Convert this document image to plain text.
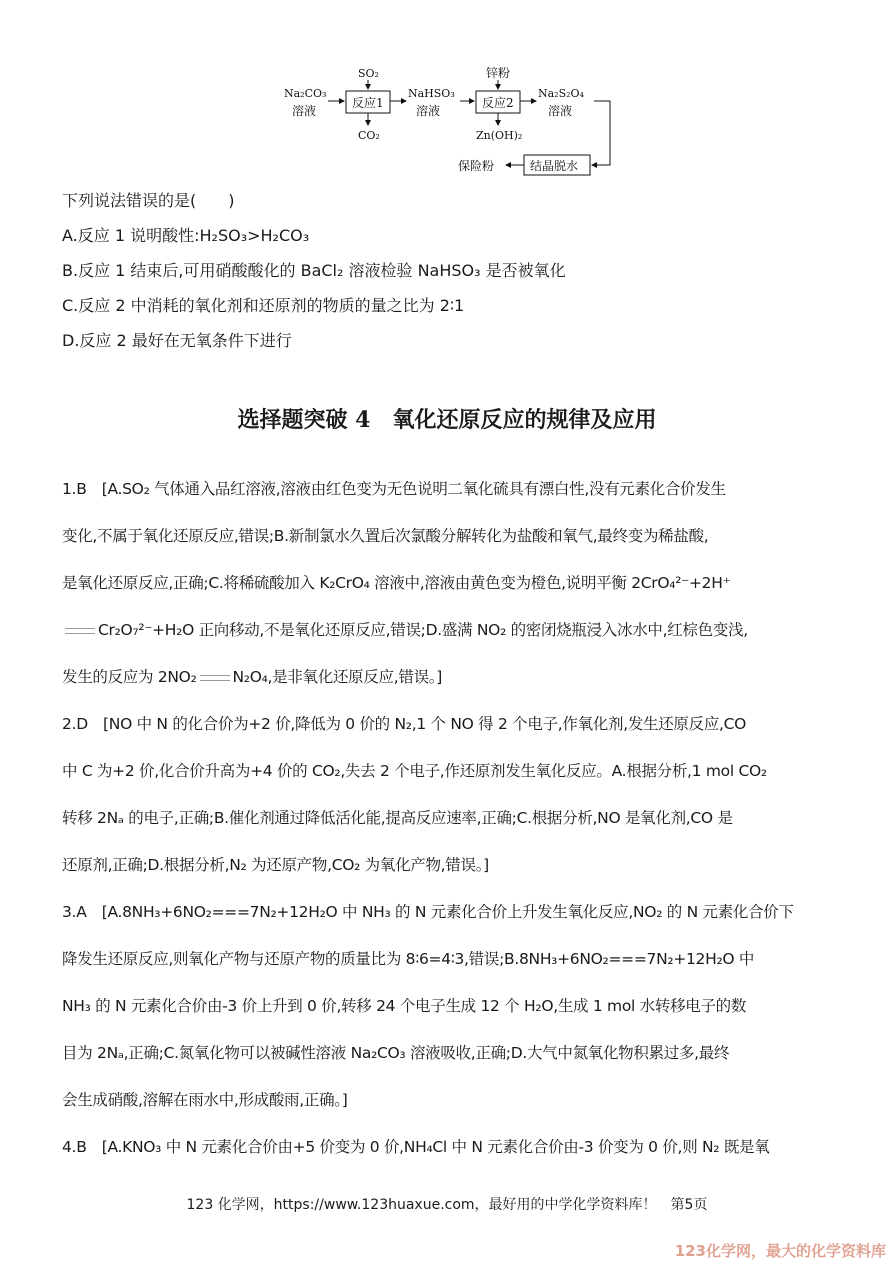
Na₂CO₃
溶液
反应1
SO₂
CO₂
NaHSO₃
溶液
反应2
锌粉
Zn(OH)₂
Na₂S₂O₄
溶液
结晶脱水
保险粉
下列说法错误的是(　　)
A.反应 1 说明酸性:H₂SO₃>H₂CO₃
B.反应 1 结束后,可用硝酸酸化的 BaCl₂ 溶液检验 NaHSO₃ 是否被氧化
C.反应 2 中消耗的氧化剂和还原剂的物质的量之比为 2∶1
D.反应 2 最好在无氧条件下进行
选择题突破 4　氧化还原反应的规律及应用
1.B　[A.SO₂ 气体通入品红溶液,溶液由红色变为无色说明二氧化硫具有漂白性,没有元素化合价发生
变化,不属于氧化还原反应,错误;B.新制氯水久置后次氯酸分解转化为盐酸和氧气,最终变为稀盐酸,
是氧化还原反应,正确;C.将稀硫酸加入 K₂CrO₄ 溶液中,溶液由黄色变为橙色,说明平衡 2CrO₄²⁻+2H⁺
Cr₂O₇²⁻+H₂O 正向移动,不是氧化还原反应,错误;D.盛满 NO₂ 的密闭烧瓶浸入冰水中,红棕色变浅,
发生的反应为 2NO₂ N₂O₄,是非氧化还原反应,错误。]
2.D　[NO 中 N 的化合价为+2 价,降低为 0 价的 N₂,1 个 NO 得 2 个电子,作氧化剂,发生还原反应,CO
中 C 为+2 价,化合价升高为+4 价的 CO₂,失去 2 个电子,作还原剂发生氧化反应。A.根据分析,1 mol CO₂
转移 2Nₐ 的电子,正确;B.催化剂通过降低活化能,提高反应速率,正确;C.根据分析,NO 是氧化剂,CO 是
还原剂,正确;D.根据分析,N₂ 为还原产物,CO₂ 为氧化产物,错误。]
3.A　[A.8NH₃+6NO₂===7N₂+12H₂O 中 NH₃ 的 N 元素化合价上升发生氧化反应,NO₂ 的 N 元素化合价下
降发生还原反应,则氧化产物与还原产物的质量比为 8∶6=4∶3,错误;B.8NH₃+6NO₂===7N₂+12H₂O 中
NH₃ 的 N 元素化合价由-3 价上升到 0 价,转移 24 个电子生成 12 个 H₂O,生成 1 mol 水转移电子的数
目为 2Nₐ,正确;C.氮氧化物可以被碱性溶液 Na₂CO₃ 溶液吸收,正确;D.大气中氮氧化物积累过多,最终
会生成硝酸,溶解在雨水中,形成酸雨,正确。]
4.B　[A.KNO₃ 中 N 元素化合价由+5 价变为 0 价,NH₄Cl 中 N 元素化合价由-3 价变为 0 价,则 N₂ 既是氧
123 化学网，https://www.123huaxue.com，最好用的中学化学资料库！　第5页
123化学网，最大的化学资料库
